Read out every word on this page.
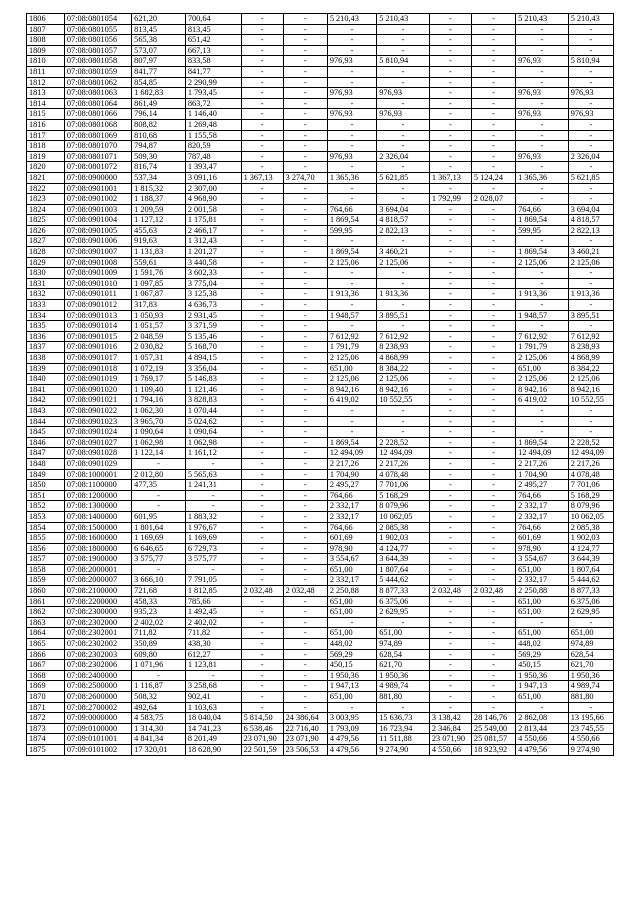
1806	07:08:0801054	621,20	700,64	-	-	5 210,43	5 210,43	-	-	5 210,43	5 210,43
1807	07:08:0801055	813,45	813,45	-	-	-	-	-	-	-	-
1808	07:08:0801056	565,38	651,42	-	-	-	-	-	-	-	-
1809	07:08:0801057	573,07	667,13	-	-	-	-	-	-	-	-
1810	07:08:0801058	807,97	833,58	-	-	976,93	5 810,94	-	-	976,93	5 810,94
1811	07:08:0801059	841,77	841,77	-	-	-	-	-	-	-	-
1812	07:08:0801062	854,85	2 290,99	-	-	-	-	-	-	-	-
1813	07:08:0801063	1 682,83	1 793,45	-	-	976,93	976,93	-	-	976,93	976,93
1814	07:08:0801064	861,49	863,72	-	-	-	-	-	-	-	-
1815	07:08:0801066	796,14	1 146,40	-	-	976,93	976,93	-	-	976,93	976,93
1816	07:08:0801068	808,82	1 269,48	-	-	-	-	-	-	-	-
1817	07:08:0801069	810,68	1 155,58	-	-	-	-	-	-	-	-
1818	07:08:0801070	794,87	820,59	-	-	-	-	-	-	-	-
1819	07:08:0801071	509,30	787,48	-	-	976,93	2 326,04	-	-	976,93	2 326,04
1820	07:08:0801072	816,74	1 393,47	-	-	-	-	-	-	-	-
1821	07:08:0900000	537,34	3 091,16	1 367,13	3 274,70	1 365,36	5 621,85	1 367,13	5 124,24	1 365,36	5 621,85
1822	07:08:0901001	1 815,32	2 307,00	-	-	-	-	-	-	-	-
1823	07:08:0901002	1 188,37	4 968,90	-	-	-	-	1 792,99	2 028,07	-	-
1824	07:08:0901003	1 209,59	2 001,58	-	-	764,66	3 694,04	-	-	764,66	3 694,04
1825	07:08:0901004	1 127,12	1 175,81	-	-	1 869,54	4 818,57	-	-	1 869,54	4 818,57
1826	07:08:0901005	455,63	2 466,17	-	-	599,95	2 822,13	-	-	599,95	2 822,13
1827	07:08:0901006	919,63	1 312,43	-	-	-	-	-	-	-	-
1828	07:08:0901007	1 131,83	1 201,27	-	-	1 869,54	3 460,21	-	-	1 869,54	3 460,21
1829	07:08:0901008	559,61	3 440,58	-	-	2 125,06	2 125,06	-	-	2 125,06	2 125,06
1830	07:08:0901009	1 591,76	3 602,33	-	-	-	-	-	-	-	-
1831	07:08:0901010	1 097,85	3 775,04	-	-	-	-	-	-	-	-
1832	07:08:0901011	1 067,87	3 125,38	-	-	1 913,36	1 913,36	-	-	1 913,36	1 913,36
1833	07:08:0901012	317,83	4 636,73	-	-	-	-	-	-	-	-
1834	07:08:0901013	1 050,93	2 931,45	-	-	1 948,57	3 895,51	-	-	1 948,57	3 895,51
1835	07:08:0901014	1 051,57	3 371,59	-	-	-	-	-	-	-	-
1836	07:08:0901015	2 048,59	5 135,46	-	-	7 612,92	7 612,92	-	-	7 612,92	7 612,92
1837	07:08:0901016	2 030,82	5 168,70	-	-	1 791,79	8 238,93	-	-	1 791,79	8 238,93
1838	07:08:0901017	1 057,31	4 894,15	-	-	2 125,06	4 868,99	-	-	2 125,06	4 868,99
1839	07:08:0901018	1 072,19	3 356,04	-	-	651,00	8 384,22	-	-	651,00	8 384,22
1840	07:08:0901019	1 769,17	5 146,83	-	-	2 125,06	2 125,06	-	-	2 125,06	2 125,06
1841	07:08:0901020	1 109,40	1 121,46	-	-	8 942,16	8 942,16	-	-	8 942,16	8 942,16
1842	07:08:0901021	1 794,16	3 828,83	-	-	6 419,02	10 552,55	-	-	6 419,02	10 552,55
1843	07:08:0901022	1 062,30	1 070,44	-	-	-	-	-	-	-	-
1844	07:08:0901023	3 965,70	5 024,62	-	-	-	-	-	-	-	-
1845	07:08:0901024	1 090,64	1 090,64	-	-	-	-	-	-	-	-
1846	07:08:0901027	1 062,98	1 062,98	-	-	1 869,54	2 228,52	-	-	1 869,54	2 228,52
1847	07:08:0901028	1 122,14	1 161,12	-	-	12 494,09	12 494,09	-	-	12 494,09	12 494,09
1848	07:08:0901029	-	-	-	-	2 217,26	2 217,26	-	-	2 217,26	2 217,26
1849	07:08:1000001	2 012,80	5 565,63	-	-	1 704,90	4 078,48	-	-	1 704,90	4 078,48
1850	07:08:1100000	477,35	1 241,31	-	-	2 495,27	7 701,06	-	-	2 495,27	7 701,06
1851	07:08:1200000	-	-	-	-	764,66	5 168,29	-	-	764,66	5 168,29
1852	07:08:1300000	-	-	-	-	2 332,17	8 079,96	-	-	2 332,17	8 079,96
1853	07:08:1400000	601,95	1 883,32	-	-	2 332,17	10 062,05	-	-	2 332,17	10 062,05
1854	07:08:1500000	1 801,64	1 976,67	-	-	764,66	2 085,38	-	-	764,66	2 085,38
1855	07:08:1600000	1 169,69	1 169,69	-	-	601,69	1 902,03	-	-	601,69	1 902,03
1856	07:08:1800000	6 646,65	6 729,73	-	-	978,90	4 124,77	-	-	978,90	4 124,77
1857	07:08:1900000	3 575,77	3 575,77	-	-	3 554,67	3 644,39	-	-	3 554,67	3 644,39
1858	07:08:2000001	-	-	-	-	651,00	1 807,64	-	-	651,00	1 807,64
1859	07:08:2000007	3 666,10	7 791,05	-	-	2 332,17	5 444,62	-	-	2 332,17	5 444,62
1860	07:08:2100000	721,68	1 812,85	2 032,48	2 032,48	2 250,88	8 877,33	2 032,48	2 032,48	2 250,88	8 877,33
1861	07:08:2200000	458,33	785,66	-	-	651,00	6 375,06	-	-	651,00	6 375,06
1862	07:08:2300000	935,23	1 492,45	-	-	651,00	2 629,95	-	-	651,00	2 629,95
1863	07:08:2302000	2 402,02	2 402,02	-	-	-	-	-	-	-	-
1864	07:08:2302001	711,82	711,82	-	-	651,00	651,00	-	-	651,00	651,00
1865	07:08:2302002	350,89	438,30	-	-	448,02	974,89	-	-	448,02	974,89
1866	07:08:2302003	609,80	612,27	-	-	569,29	628,54	-	-	569,29	628,54
1867	07:08:2302006	1 071,96	1 123,81	-	-	450,15	621,70	-	-	450,15	621,70
1868	07:08:2400000	-	-	-	-	1 950,36	1 950,36	-	-	1 950,36	1 950,36
1869	07:08:2500000	1 116,87	3 258,68	-	-	1 947,13	4 989,74	-	-	1 947,13	4 989,74
1870	07:08:2600000	508,32	902,41	-	-	651,00	881,80	-	-	651,00	881,80
1871	07:08:2700002	492,64	1 103,63	-	-	-	-	-	-	-	-
1872	07:09:0000000	4 583,75	18 040,04	5 814,50	24 386,64	3 003,95	15 636,73	3 138,42	28 146,76	2 862,08	13 195,66
1873	07:09:0100000	1 314,30	14 741,23	6 538,46	22 716,40	1 793,09	16 723,94	2 346,84	25 549,00	2 813,44	23 745,55
1874	07:09:0101001	4 841,34	8 201,49	23 071,90	23 071,90	4 479,56	11 511,88	23 071,90	25 081,57	4 550,66	4 550,66
1875	07:09:0101002	17 320,01	18 628,90	22 501,59	23 506,53	4 479,56	9 274,90	4 550,66	18 923,92	4 479,56	9 274,90
